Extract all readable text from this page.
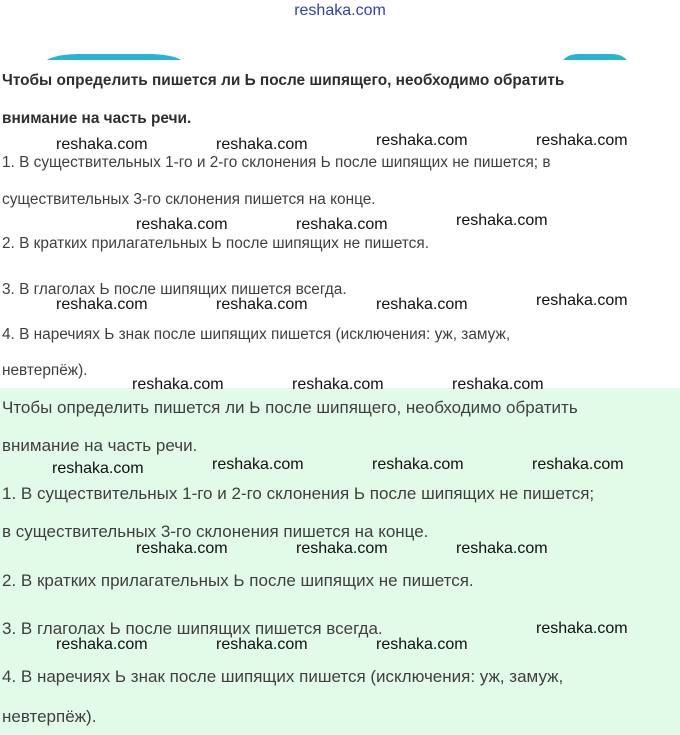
reshaka.com
Чтобы определить пишется ли Ь после шипящего, необходимо обратить
внимание на часть речи.
1. В существительных 1-го и 2-го склонения Ь после шипящих не пишется; в
существительных 3-го склонения пишется на конце.
2. В кратких прилагательных Ь после шипящих не пишется.
3. В глаголах Ь после шипящих пишется всегда.
4. В наречиях Ь знак после шипящих пишется (исключения: уж, замуж,
невтерпёж).
Чтобы определить пишется ли Ь после шипящего, необходимо обратить
внимание на часть речи.
1. В существительных 1-го и 2-го склонения Ь после шипящих не пишется;
в существительных 3-го склонения пишется на конце.
2. В кратких прилагательных Ь после шипящих не пишется.
3. В глаголах Ь после шипящих пишется всегда.
4. В наречиях Ь знак после шипящих пишется (исключения: уж, замуж,
невтерпёж).
reshaka.com	reshaka.com	reshaka.com	reshaka.com
reshaka.com	reshaka.com	reshaka.com
reshaka.com	reshaka.com	reshaka.com	reshaka.com
reshaka.com	reshaka.com	reshaka.com
reshaka.com	reshaka.com	reshaka.com	reshaka.com
reshaka.com	reshaka.com	reshaka.com
reshaka.com
reshaka.com	reshaka.com	reshaka.com
